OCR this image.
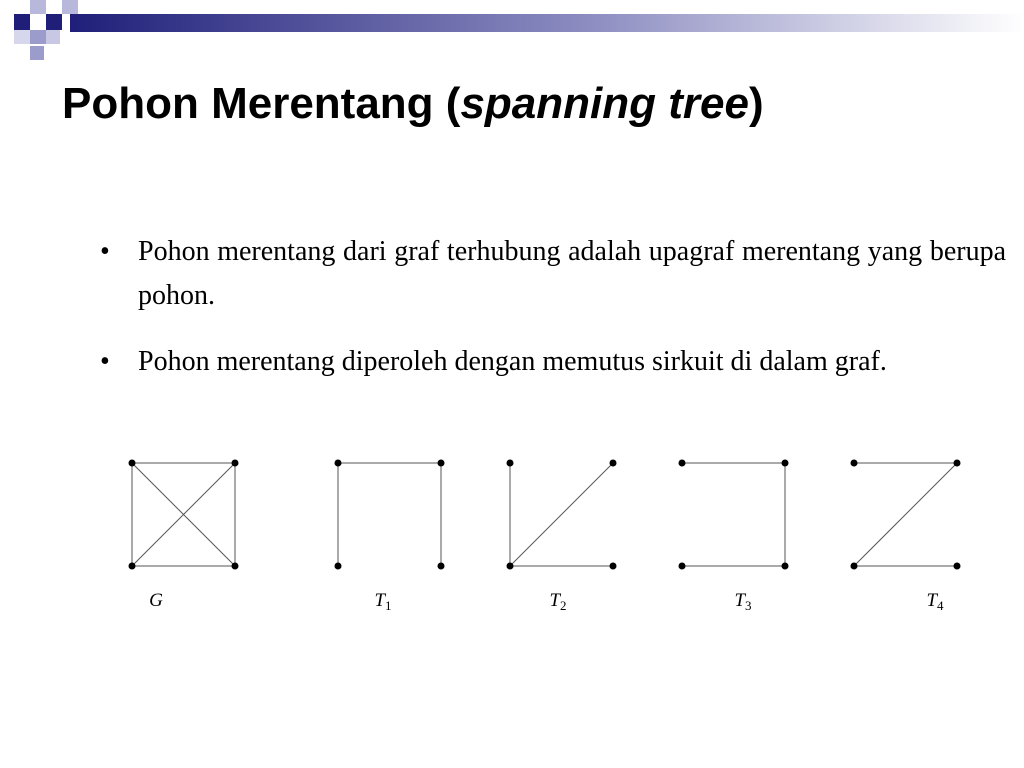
Pohon Merentang (spanning tree)
•	Pohon merentang dari graf terhubung adalah upagraf merentang yang berupa pohon.

•	Pohon merentang diperoleh dengan memutus sirkuit di dalam graf.

G	$T_1$	$T_2$	$T_3$	$T_4$
